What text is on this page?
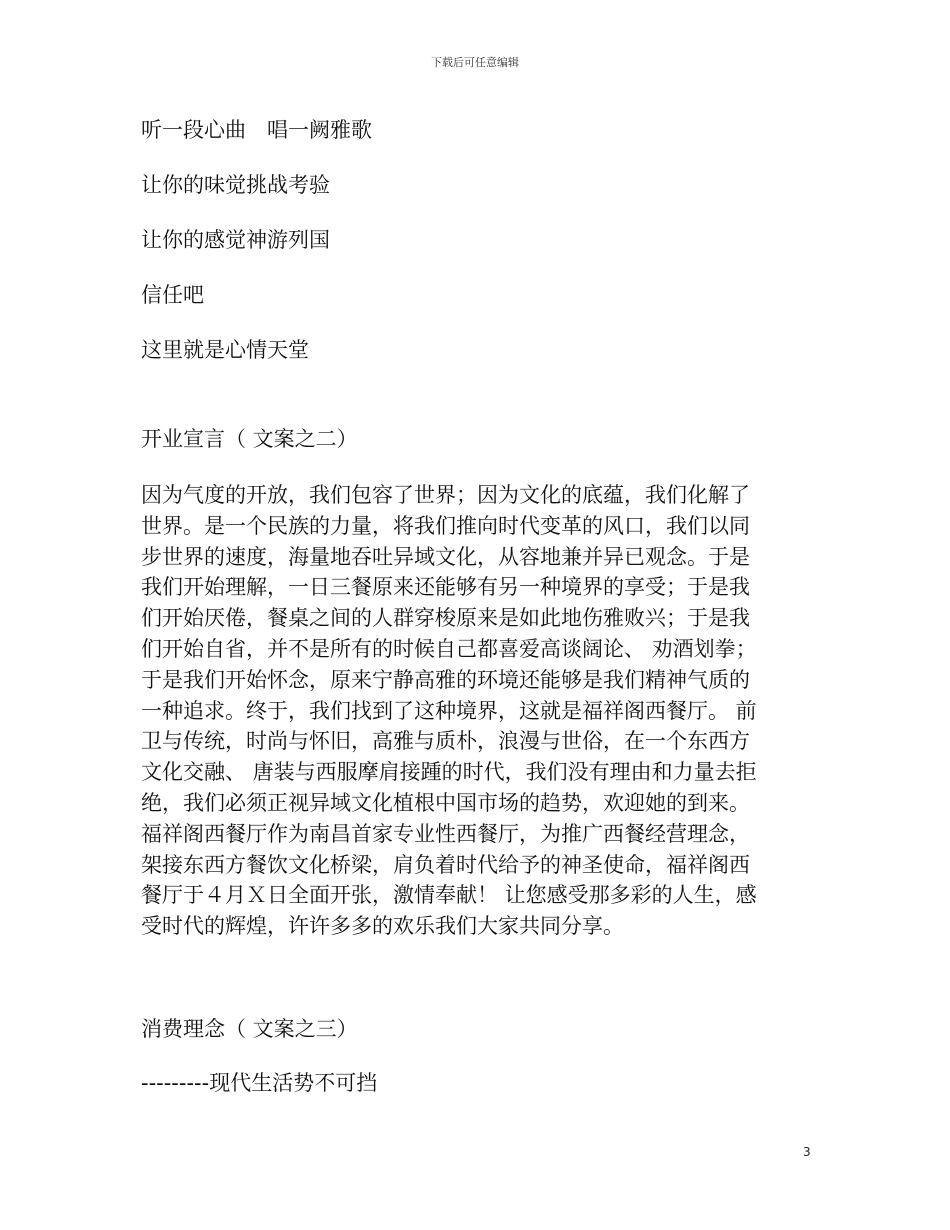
下载后可任意编辑
听一段心曲　唱一阙雅歌
让你的味觉挑战考验
让你的感觉神游列国
信任吧
这里就是心情天堂
开业宣言（ 文案之二）
因为气度的开放，我们包容了世界；因为文化的底蕴，我们化解了
世界。是一个民族的力量，将我们推向时代变革的风口，我们以同
步世界的速度，海量地吞吐异域文化，从容地兼并异已观念。于是
我们开始理解，一日三餐原来还能够有另一种境界的享受；于是我
们开始厌倦，餐桌之间的人群穿梭原来是如此地伤雅败兴；于是我
们开始自省，并不是所有的时候自己都喜爱高谈阔论、 劝酒划拳；
于是我们开始怀念，原来宁静高雅的环境还能够是我们精神气质的
一种追求。终于，我们找到了这种境界，这就是福祥阁西餐厅。 前
卫与传统，时尚与怀旧，高雅与质朴，浪漫与世俗，在一个东西方
文化交融、 唐装与西服摩肩接踵的时代，我们没有理由和力量去拒
绝，我们必须正视异域文化植根中国市场的趋势，欢迎她的到来。
福祥阁西餐厅作为南昌首家专业性西餐厅，为推广西餐经营理念，
架接东西方餐饮文化桥梁，肩负着时代给予的神圣使命，福祥阁西
餐厅于４月Ｘ日全面开张，激情奉献！ 让您感受那多彩的人生，感
受时代的辉煌，许许多多的欢乐我们大家共同分享。
消费理念（ 文案之三）
---------现代生活势不可挡
3
